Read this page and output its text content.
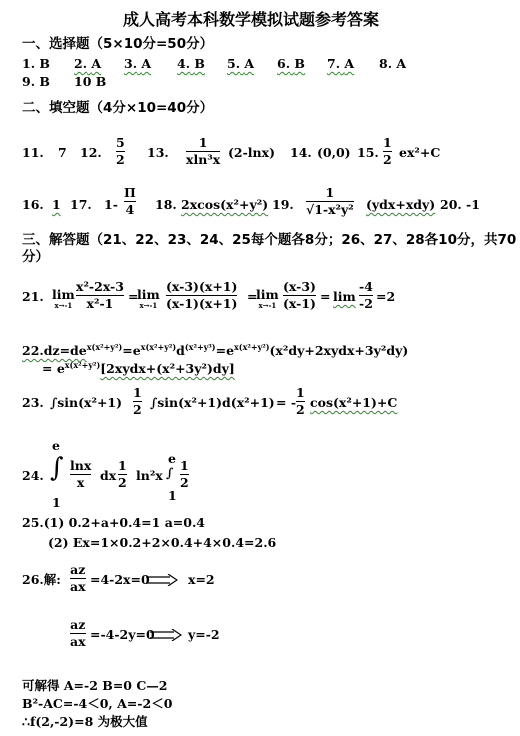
成人高考本科数学模拟试题参考答案
一、选择题（5×10分=50分）
1. B 2. A 3. A 4. B 5. A 6. B 7. A 8. A
9. B 10 B
二、填空题（4分×10=40分）
11. 7 12.
5
2 13.
1
xln³x (2-lnx) 14. (0,0) 15.
1
2 ex²+C
16. 1 17. 1-
Π
4 18. 2xcos(x²+y²) 19.
1
√1-x²y² (ydx+xdy) 20. -1
三、解答题（21、22、23、24、25每个题各8分；26、27、28各10分，共70
分）
21. lim
x→-1
x²-2x-3
x²-1 =
lim
x→-1
(x-3)(x+1)
(x-1)(x+1) =
lim
x→-1
(x-3)
(x-1) = lim
-4
-2 =2
$22.dz=de^{x(x^2+y^2)}=e^{x(x^2+y^2)}d^{(x^2+y^3)}=e^{x(x^2+y^2)}(x^2dy+2xydx+3y^2dy)$
= $e^{x(x^2+y^2)}[2xydx+(x^2+3y^2)dy]$
23. ∫sin(x²+1)
1
2 ∫sin(x²+1)d(x²+1) = -
1
2 cos(x²+1)+C
e
24. ∫ lnx
x dx
1
2 ln²x
e
∫
1
1
2
1
25.(1) 0.2+a+0.4=1 a=0.4
(2) Ex=1×0.2+2×0.4+4×0.4=2.6
26.解:
az
ax =4-2x=0	x=2
az
ax =-4-2y=0	y=-2
可解得 A=-2 B=0 C—2
B²-AC=-4＜0, A=-2＜0
∴f(2,-2)=8 为极大值
